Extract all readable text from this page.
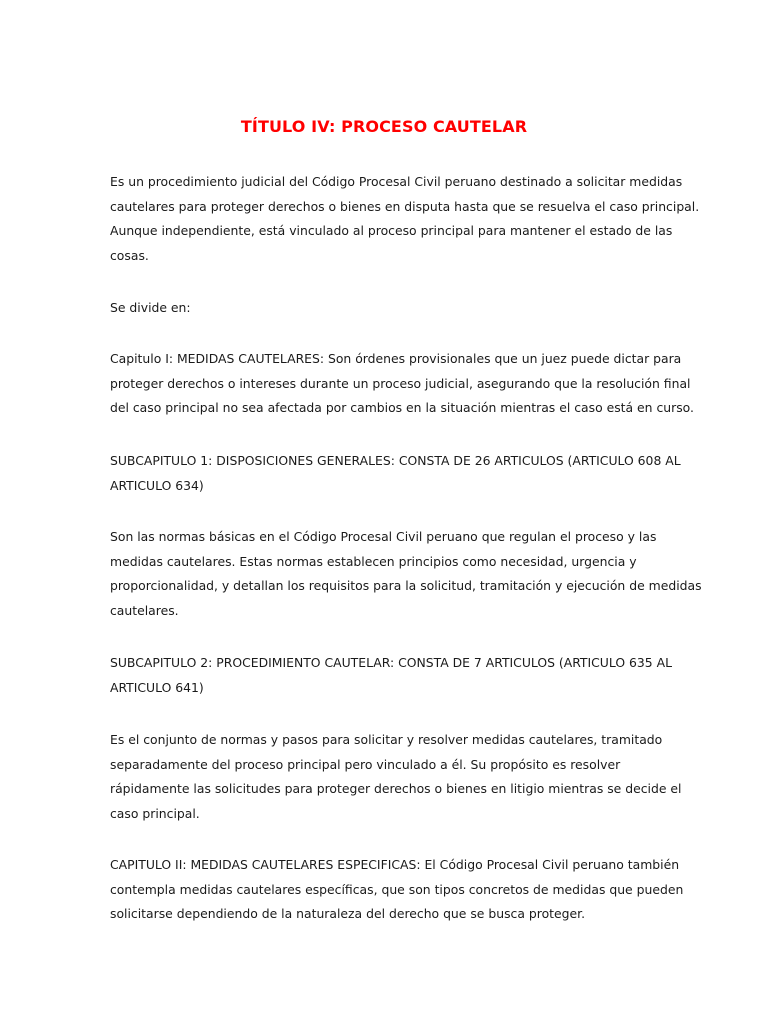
TÍTULO IV: PROCESO CAUTELAR

Es un procedimiento judicial del Código Procesal Civil peruano destinado a solicitar medidas
cautelares para proteger derechos o bienes en disputa hasta que se resuelva el caso principal.
Aunque independiente, está vinculado al proceso principal para mantener el estado de las
cosas.

Se divide en:

Capitulo I: MEDIDAS CAUTELARES: Son órdenes provisionales que un juez puede dictar para
proteger derechos o intereses durante un proceso judicial, asegurando que la resolución final
del caso principal no sea afectada por cambios en la situación mientras el caso está en curso.

SUBCAPITULO 1: DISPOSICIONES GENERALES: CONSTA DE 26 ARTICULOS (ARTICULO 608 AL
ARTICULO 634)

Son las normas básicas en el Código Procesal Civil peruano que regulan el proceso y las
medidas cautelares. Estas normas establecen principios como necesidad, urgencia y
proporcionalidad, y detallan los requisitos para la solicitud, tramitación y ejecución de medidas
cautelares.

SUBCAPITULO 2: PROCEDIMIENTO CAUTELAR: CONSTA DE 7 ARTICULOS (ARTICULO 635 AL
ARTICULO 641)

Es el conjunto de normas y pasos para solicitar y resolver medidas cautelares, tramitado
separadamente del proceso principal pero vinculado a él. Su propósito es resolver
rápidamente las solicitudes para proteger derechos o bienes en litigio mientras se decide el
caso principal.

CAPITULO II: MEDIDAS CAUTELARES ESPECIFICAS: El Código Procesal Civil peruano también
contempla medidas cautelares específicas, que son tipos concretos de medidas que pueden
solicitarse dependiendo de la naturaleza del derecho que se busca proteger.
